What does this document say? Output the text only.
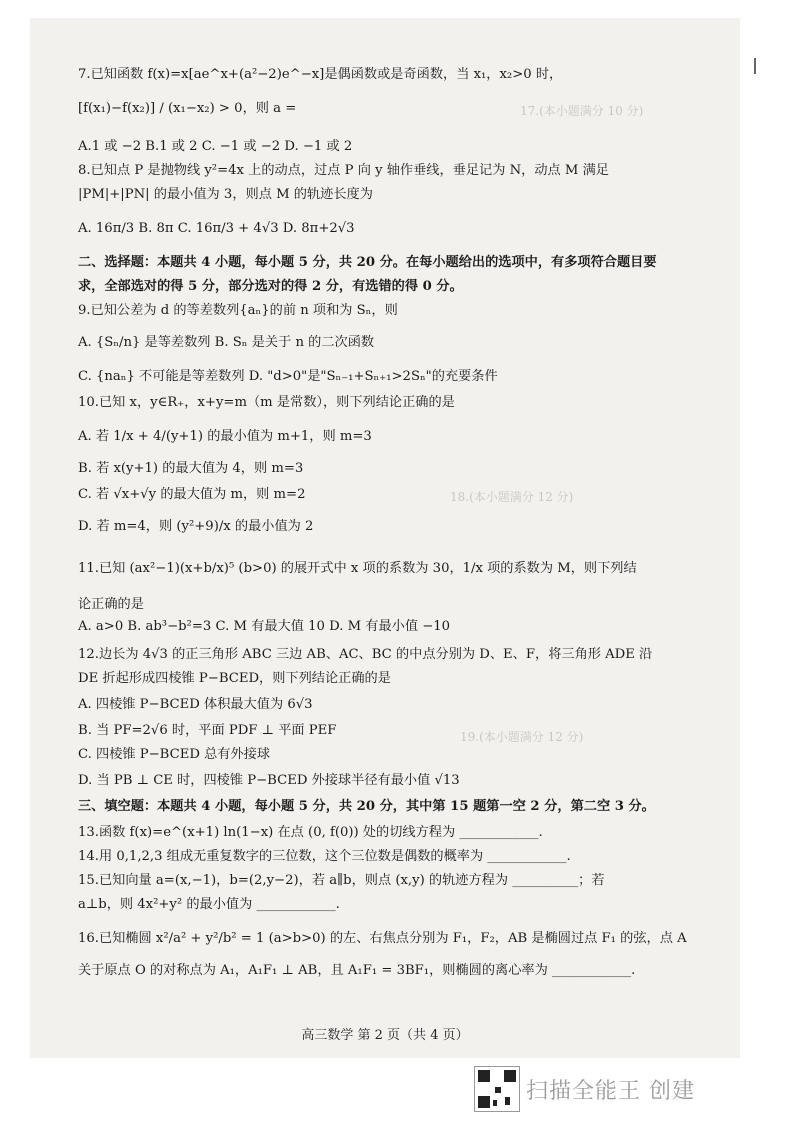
17.(本小题满分 10 分)
18.(本小题满分 12 分)
19.(本小题满分 12 分)
7.已知函数 f(x)=x[ae^x+(a²−2)e^−x]是偶函数或是奇函数，当 x₁，x₂>0 时，
[f(x₁)−f(x₂)] / (x₁−x₂) > 0，则 a =
A.1 或 −2 B.1 或 2 C. −1 或 −2 D. −1 或 2
8.已知点 P 是抛物线 y²=4x 上的动点，过点 P 向 y 轴作垂线，垂足记为 N，动点 M 满足
|PM|+|PN| 的最小值为 3，则点 M 的轨迹长度为
A. 16π/3 B. 8π C. 16π/3 + 4√3 D. 8π+2√3
二、选择题：本题共 4 小题，每小题 5 分，共 20 分。在每小题给出的选项中，有多项符合题目要
求，全部选对的得 5 分，部分选对的得 2 分，有选错的得 0 分。
9.已知公差为 d 的等差数列{aₙ}的前 n 项和为 Sₙ，则
A. {Sₙ/n} 是等差数列 B. Sₙ 是关于 n 的二次函数
C. {naₙ} 不可能是等差数列 D. "d>0"是"Sₙ₋₁+Sₙ₊₁>2Sₙ"的充要条件
10.已知 x，y∈R₊，x+y=m（m 是常数），则下列结论正确的是
A. 若 1/x + 4/(y+1) 的最小值为 m+1，则 m=3
B. 若 x(y+1) 的最大值为 4，则 m=3
C. 若 √x+√y 的最大值为 m，则 m=2
D. 若 m=4，则 (y²+9)/x 的最小值为 2
11.已知 (ax²−1)(x+b/x)⁵ (b>0) 的展开式中 x 项的系数为 30，1/x 项的系数为 M，则下列结
论正确的是
A. a>0 B. ab³−b²=3 C. M 有最大值 10 D. M 有最小值 −10
12.边长为 4√3 的正三角形 ABC 三边 AB、AC、BC 的中点分别为 D、E、F，将三角形 ADE 沿
DE 折起形成四棱锥 P−BCED，则下列结论正确的是
A. 四棱锥 P−BCED 体积最大值为 6√3
B. 当 PF=2√6 时，平面 PDF ⊥ 平面 PEF
C. 四棱锥 P−BCED 总有外接球
D. 当 PB ⊥ CE 时，四棱锥 P−BCED 外接球半径有最小值 √13
三、填空题：本题共 4 小题，每小题 5 分，共 20 分，其中第 15 题第一空 2 分，第二空 3 分。
13.函数 f(x)=e^(x+1) ln(1−x) 在点 (0, f(0)) 处的切线方程为 ____________.
14.用 0,1,2,3 组成无重复数字的三位数，这个三位数是偶数的概率为 ____________.
15.已知向量 a=(x,−1)，b=(2,y−2)，若 a∥b，则点 (x,y) 的轨迹方程为 __________；若
a⊥b，则 4x²+y² 的最小值为 ____________.
16.已知椭圆 x²/a² + y²/b² = 1 (a>b>0) 的左、右焦点分别为 F₁，F₂，AB 是椭圆过点 F₁ 的弦，点 A
关于原点 O 的对称点为 A₁，A₁F₁ ⊥ AB，且 A₁F₁ = 3BF₁，则椭圆的离心率为 ____________.
高三数学 第 2 页（共 4 页）
扫描全能王 创建
